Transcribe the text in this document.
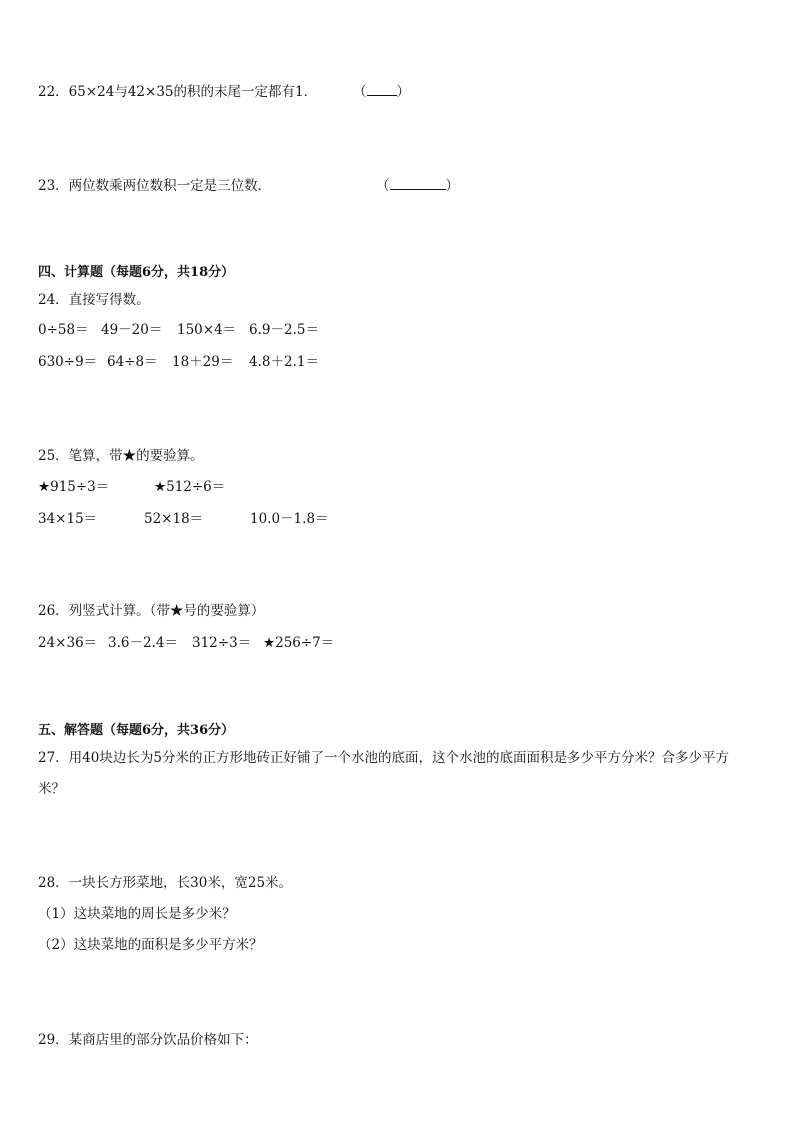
22．65×24与42×35的积的末尾一定都有1．	（ ）
23．两位数乘两位数积一定是三位数．	（	）
四、计算题（每题6分，共18分）
24．直接写得数。
0÷58＝ 49－20＝ 150×4＝ 6.9－2.5＝
630÷9＝ 64÷8＝ 18＋29＝ 4.8＋2.1＝
25．笔算，带★的要验算。
★915÷3＝	★512÷6＝
34×15＝	52×18＝	10.0－1.8＝
26．列竖式计算。（带★号的要验算）
24×36＝ 3.6－2.4＝ 312÷3＝ ★256÷7＝
五、解答题（每题6分，共36分）
27．用40块边长为5分米的正方形地砖正好铺了一个水池的底面，这个水池的底面面积是多少平方分米？合多少平方
米？
28．一块长方形菜地，长30米，宽25米。
（1）这块菜地的周长是多少米？
（2）这块菜地的面积是多少平方米？
29．某商店里的部分饮品价格如下：
